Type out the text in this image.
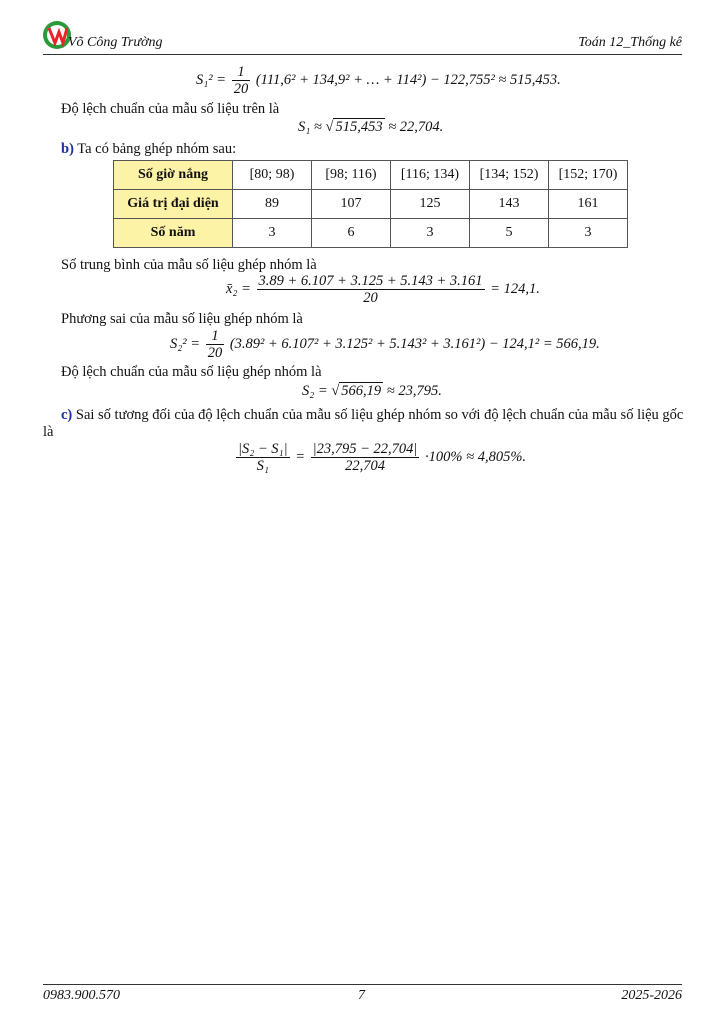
Võ Công Trường	Toán 12_Thống kê
$S_1^2 = \frac{1}{20} (111,6^2 + 134,9^2$ + … + 114²) − 122,755² ≈ 515,453.
Độ lệch chuẩn của mẫu số liệu trên là
S₁ ≈ √ 515,453 ≈ 22,704.
b) Ta có bảng ghép nhóm sau:
Số giờ nắng	[80; 98)	[98; 116)	[116; 134)	[134; 152)	[152; 170)
Giá trị đại diện	89	107	125	143	161
Số năm	3	6	3	5	3
Số trung bình của mẫu số liệu ghép nhóm là
x̄₂ = $\frac{3.89 + 6.107 + 3.125 + 5.143 + 3.161}{20} = 124,1$.
Phương sai của mẫu số liệu ghép nhóm là
$S_2^2 = \frac{1}{20} (3.89^2 + 6.107^2 + 3.125^2 + 5.143^2 + 3.161^2) - 124,1^2 = 566,19$.
Độ lệch chuẩn của mẫu số liệu ghép nhóm là
S₂ = √ 566,19 ≈ 23,795.
c) Sai số tương đối của độ lệch chuẩn của mẫu số liệu ghép nhóm so với độ lệch chuẩn của mẫu số liệu gốc
là
$\frac{\text{|S₂ − S₁|}}{\text{S₁}} = \frac{|23,795 - 22,704|}{22,704} \cdot 100\% \approx 4,805\%$.
0983.900.570	7	2025-2026
